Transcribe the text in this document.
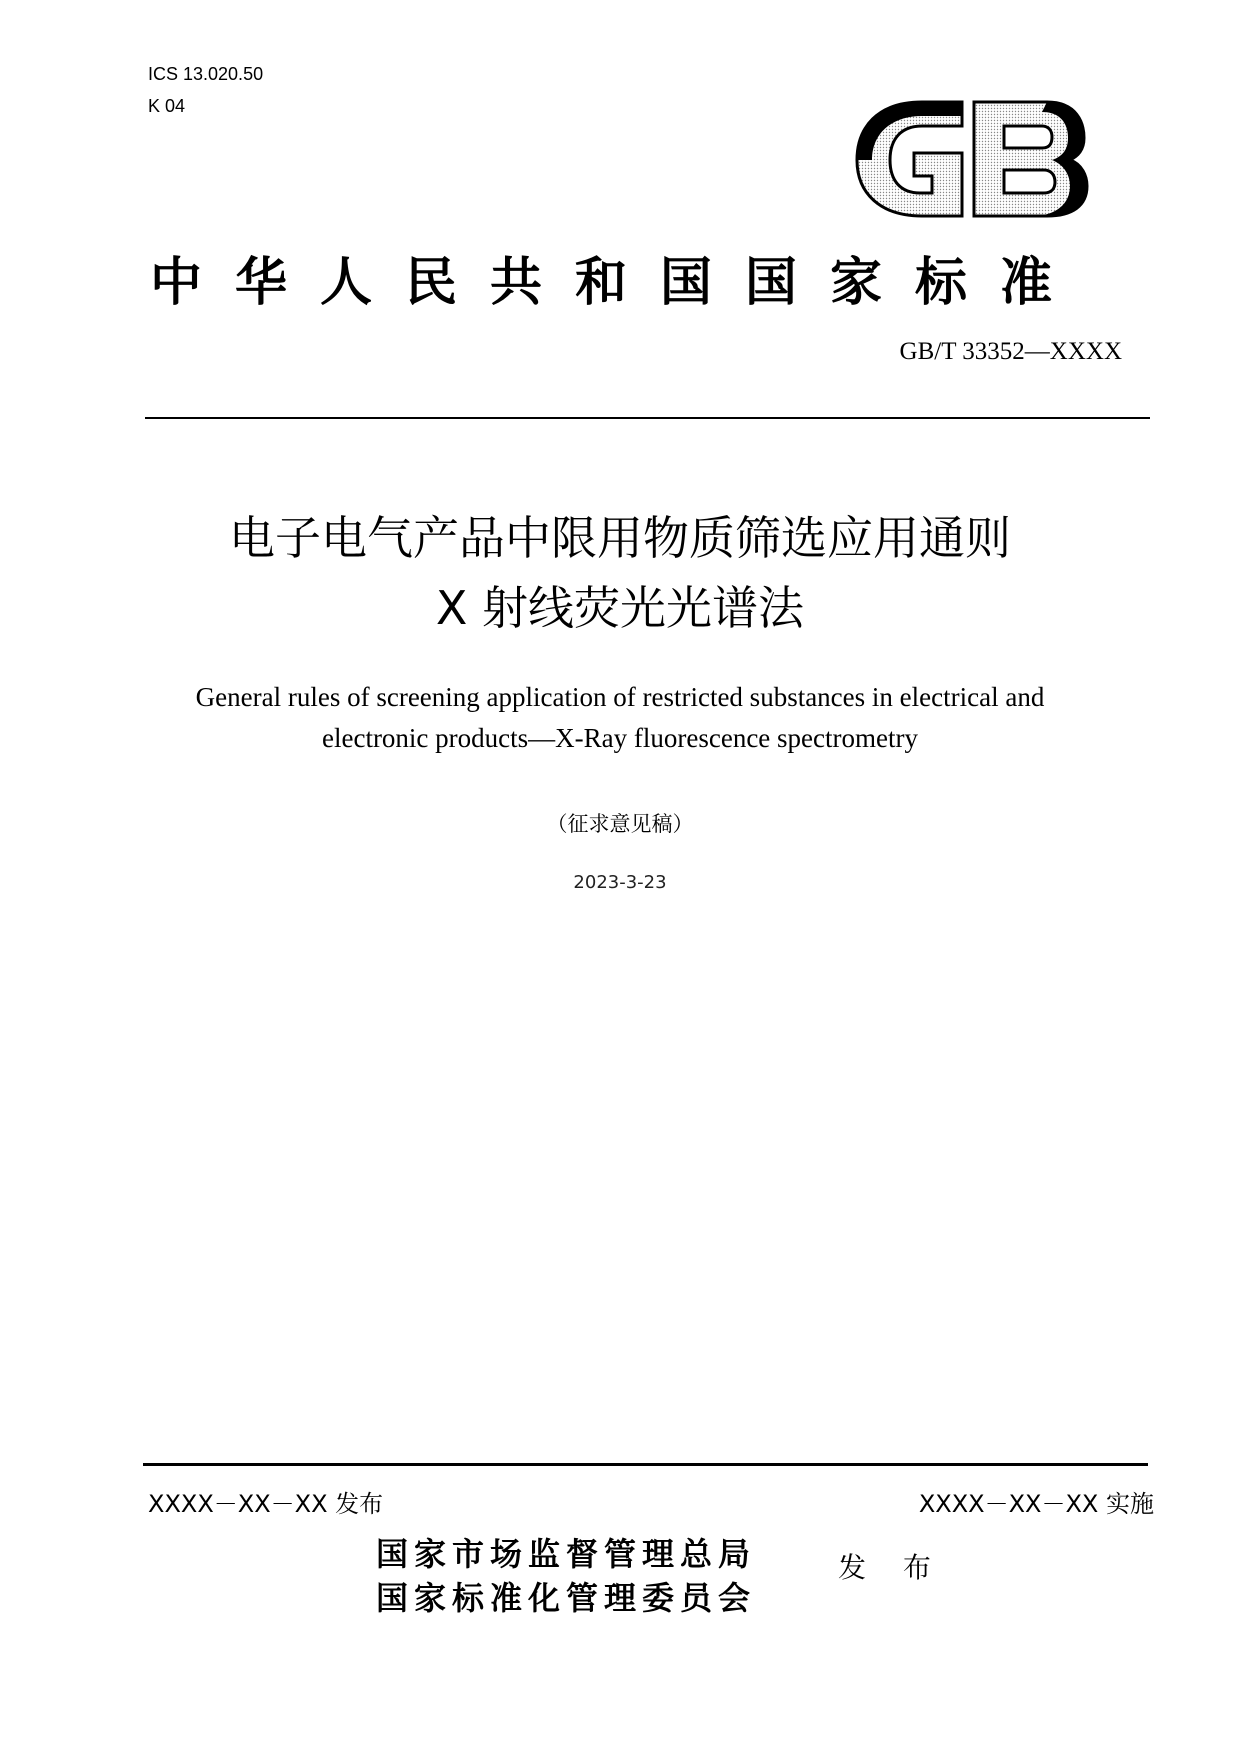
ICS 13.020.50
K 04
中华人民共和国国家标准
GB/T 33352—XXXX
电子电气产品中限用物质筛选应用通则
X 射线荧光光谱法
General rules of screening application of restricted substances in electrical and
electronic products—X-Ray fluorescence spectrometry
（征求意见稿）
2023-3-23
XXXX－XX－XX 发布	XXXX－XX－XX 实施
国家市场监督管理总局
国家标准化管理委员会
发 布
